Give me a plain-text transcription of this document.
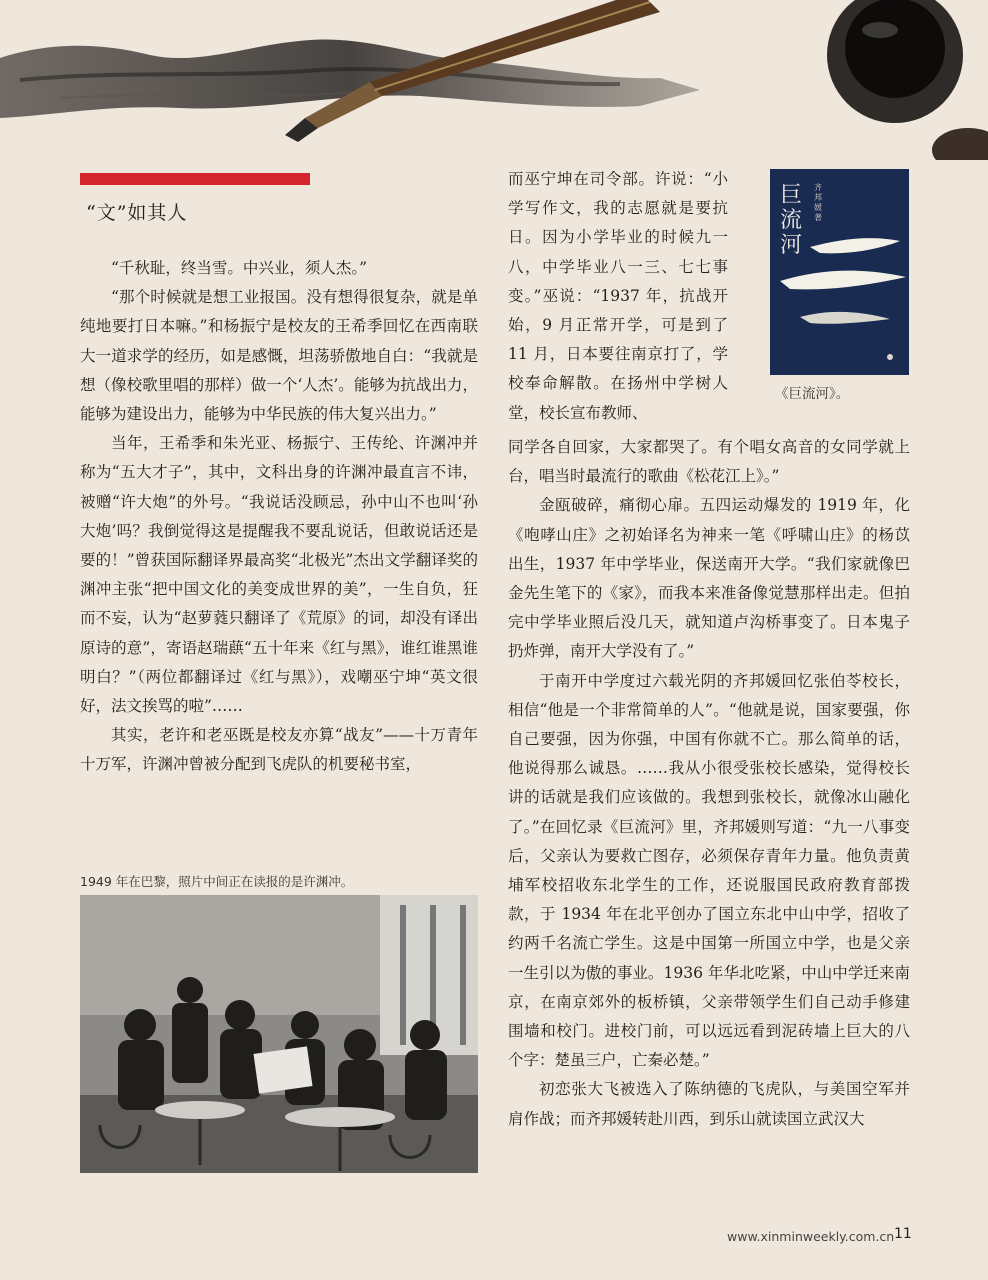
“文”如其人

“千秋耻，终当雪。中兴业，须人杰。”

“那个时候就是想工业报国。没有想得很复杂，就是单纯地要打日本嘛。”和杨振宁是校友的王希季回忆在西南联大一道求学的经历，如是感慨，坦荡骄傲地自白：“我就是想（像校歌里唱的那样）做一个‘人杰’。能够为抗战出力，能够为建设出力，能够为中华民族的伟大复兴出力。”

当年，王希季和朱光亚、杨振宁、王传纶、许渊冲并称为“五大才子”，其中，文科出身的许渊冲最直言不讳，被赠“许大炮”的外号。“我说话没顾忌，孙中山不也叫‘孙大炮’吗？我倒觉得这是提醒我不要乱说话，但敢说话还是要的！”曾获国际翻译界最高奖“北极光”杰出文学翻译奖的渊冲主张“把中国文化的美变成世界的美”，一生自负，狂而不妄，认为“赵萝蕤只翻译了《荒原》的词，却没有译出原诗的意”，寄语赵瑞蕻“五十年来《红与黑》，谁红谁黑谁明白？”（两位都翻译过《红与黑》），戏嘲巫宁坤“英文很好，法文挨骂的啦”……

其实，老许和老巫既是校友亦算“战友”——十万青年十万军，许渊冲曾被分配到飞虎队的机要秘书室，

1949 年在巴黎，照片中间正在读报的是许渊冲。

而巫宁坤在司令部。许说：“小学写作文，我的志愿就是要抗日。因为小学毕业的时候九一八，中学毕业八一三、七七事变。”巫说：“1937 年，抗战开始，9 月正常开学，可是到了 11 月，日本要往南京打了，学校奉命解散。在扬州中学树人堂，校长宣布教师、

巨流河
齐邦媛 著
《巨流河》。

同学各自回家，大家都哭了。有个唱女高音的女同学就上台，唱当时最流行的歌曲《松花江上》。”

金瓯破碎，痛彻心扉。五四运动爆发的 1919 年，化《咆哮山庄》之初始译名为神来一笔《呼啸山庄》的杨苡出生，1937 年中学毕业，保送南开大学。“我们家就像巴金先生笔下的《家》，而我本来准备像觉慧那样出走。但拍完中学毕业照后没几天，就知道卢沟桥事变了。日本鬼子扔炸弹，南开大学没有了。”

于南开中学度过六载光阴的齐邦媛回忆张伯苓校长，相信“他是一个非常简单的人”。“他就是说，国家要强，你自己要强，因为你强，中国有你就不亡。那么简单的话，他说得那么诚恳。……我从小很受张校长感染，觉得校长讲的话就是我们应该做的。我想到张校长，就像冰山融化了。”在回忆录《巨流河》里，齐邦媛则写道：“九一八事变后，父亲认为要救亡图存，必须保存青年力量。他负责黄埔军校招收东北学生的工作，还说服国民政府教育部拨款，于 1934 年在北平创办了国立东北中山中学，招收了约两千名流亡学生。这是中国第一所国立中学，也是父亲一生引以为傲的事业。1936 年华北吃紧，中山中学迁来南京，在南京郊外的板桥镇，父亲带领学生们自己动手修建围墙和校门。进校门前，可以远远看到泥砖墙上巨大的八个字：楚虽三户，亡秦必楚。”

初恋张大飞被选入了陈纳德的飞虎队，与美国空军并肩作战；而齐邦媛转赴川西，到乐山就读国立武汉大

www.xinminweekly.com.cn 11
